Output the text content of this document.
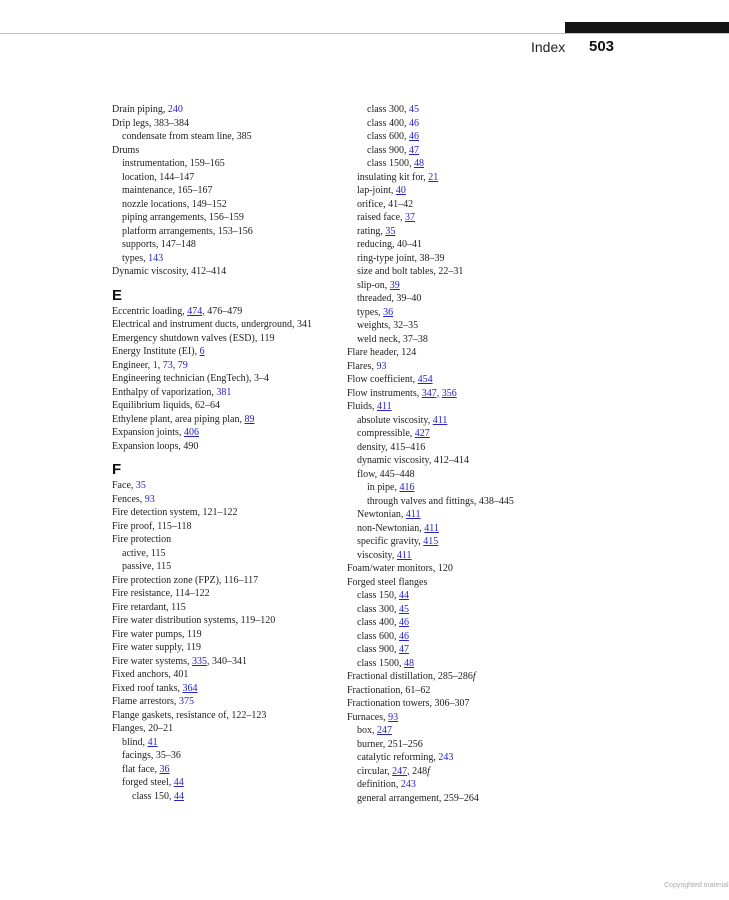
Index 503
Drain piping, 240
Drip legs, 383–384
condensate from steam line, 385
Drums
instrumentation, 159–165
location, 144–147
maintenance, 165–167
nozzle locations, 149–152
piping arrangements, 156–159
platform arrangements, 153–156
supports, 147–148
types, 143
Dynamic viscosity, 412–414
E
Eccentric loading, 474, 476–479
Electrical and instrument ducts, underground, 341
Emergency shutdown valves (ESD), 119
Energy Institute (EI), 6
Engineer, 1, 73, 79
Engineering technician (EngTech), 3–4
Enthalpy of vaporization, 381
Equilibrium liquids, 62–64
Ethylene plant, area piping plan, 89
Expansion joints, 406
Expansion loops, 490
F
Face, 35
Fences, 93
Fire detection system, 121–122
Fire proof, 115–118
Fire protection
active, 115
passive, 115
Fire protection zone (FPZ), 116–117
Fire resistance, 114–122
Fire retardant, 115
Fire water distribution systems, 119–120
Fire water pumps, 119
Fire water supply, 119
Fire water systems, 335, 340–341
Fixed anchors, 401
Fixed roof tanks, 364
Flame arrestors, 375
Flange gaskets, resistance of, 122–123
Flanges, 20–21
blind, 41
facings, 35–36
flat face, 36
forged steel, 44
class 150, 44
class 300, 45
class 400, 46
class 600, 46
class 900, 47
class 1500, 48
insulating kit for, 21
lap-joint, 40
orifice, 41–42
raised face, 37
rating, 35
reducing, 40–41
ring-type joint, 38–39
size and bolt tables, 22–31
slip-on, 39
threaded, 39–40
types, 36
weights, 32–35
weld neck, 37–38
Flare header, 124
Flares, 93
Flow coefficient, 454
Flow instruments, 347, 356
Fluids, 411
absolute viscosity, 411
compressible, 427
density, 415–416
dynamic viscosity, 412–414
flow, 445–448
in pipe, 416
through valves and fittings, 438–445
Newtonian, 411
non-Newtonian, 411
specific gravity, 415
viscosity, 411
Foam/water monitors, 120
Forged steel flanges
class 150, 44
class 300, 45
class 400, 46
class 600, 46
class 900, 47
class 1500, 48
Fractional distillation, 285–286f
Fractionation, 61–62
Fractionation towers, 306–307
Furnaces, 93
box, 247
burner, 251–256
catalytic reforming, 243
circular, 247, 248f
definition, 243
general arrangement, 259–264
Copyrighted material
